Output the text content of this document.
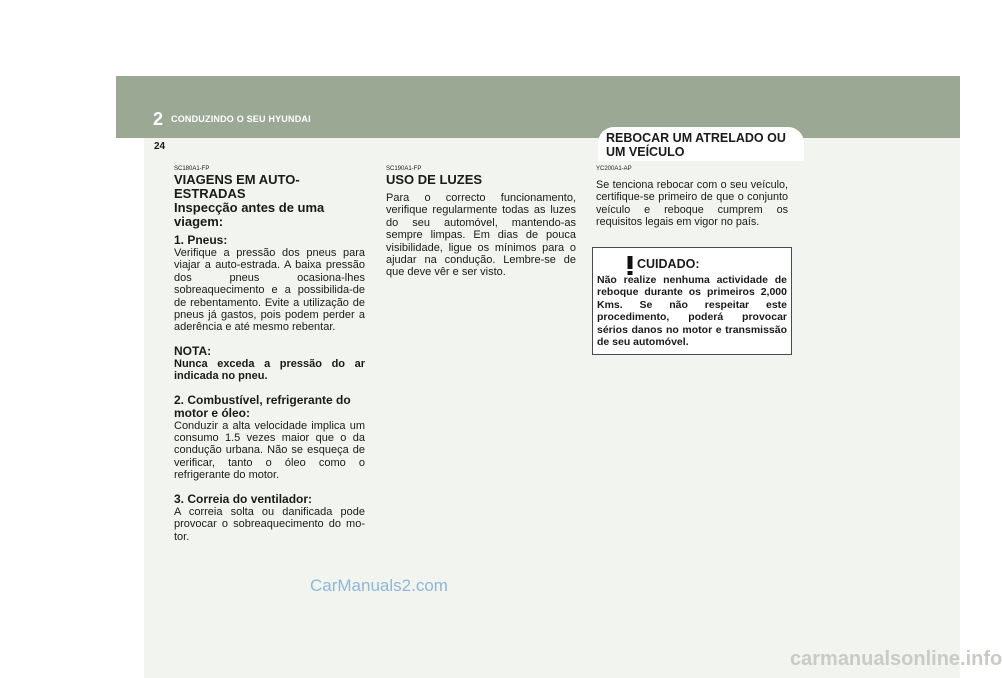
2 CONDUZINDO O SEU HYUNDAI
24
REBOCAR UM ATRELADO OU UM VEÍCULO

SC180A1-FP

VIAGENS EM AUTO-ESTRADAS

Inspecção antes de uma viagem:

1. Pneus:

Verifique a pressão dos pneus para viajar a auto-estrada. A baixa pressão dos pneus ocasiona-lhes sobreaquecimento e a possibilida-de de rebentamento. Evite a utilização de pneus já gastos, pois podem perder a aderência e até mesmo rebentar.

NOTA:

Nunca exceda a pressão do ar indicada no pneu.

2. Combustível, refrigerante do motor e óleo:

Conduzir a alta velocidade implica um consumo 1.5 vezes maior que o da condução urbana. Não se esqueça de verificar, tanto o óleo como o refrigerante do motor.

3. Correia do ventilador:

A correia solta ou danificada pode provocar o sobreaquecimento do mo-tor.

SC190A1-FP

USO DE LUZES

Para o correcto funcionamento, verifique regularmente todas as luzes do seu automóvel, mantendo-as sempre limpas. Em dias de pouca visibilidade, ligue os mínimos para o ajudar na condução. Lembre-se de que deve vêr e ser visto.

YC200A1-AP

Se tenciona rebocar com o seu veículo, certifique-se primeiro de que o conjunto veículo e reboque cumprem os requisitos legais em vigor no país.

CUIDADO:
Não realize nenhuma actividade de reboque durante os primeiros 2,000 Kms. Se não respeitar este procedimento, poderá provocar sérios danos no motor e transmissão de seu automóvel.
CarManuals2.com
carmanualsonline.info
